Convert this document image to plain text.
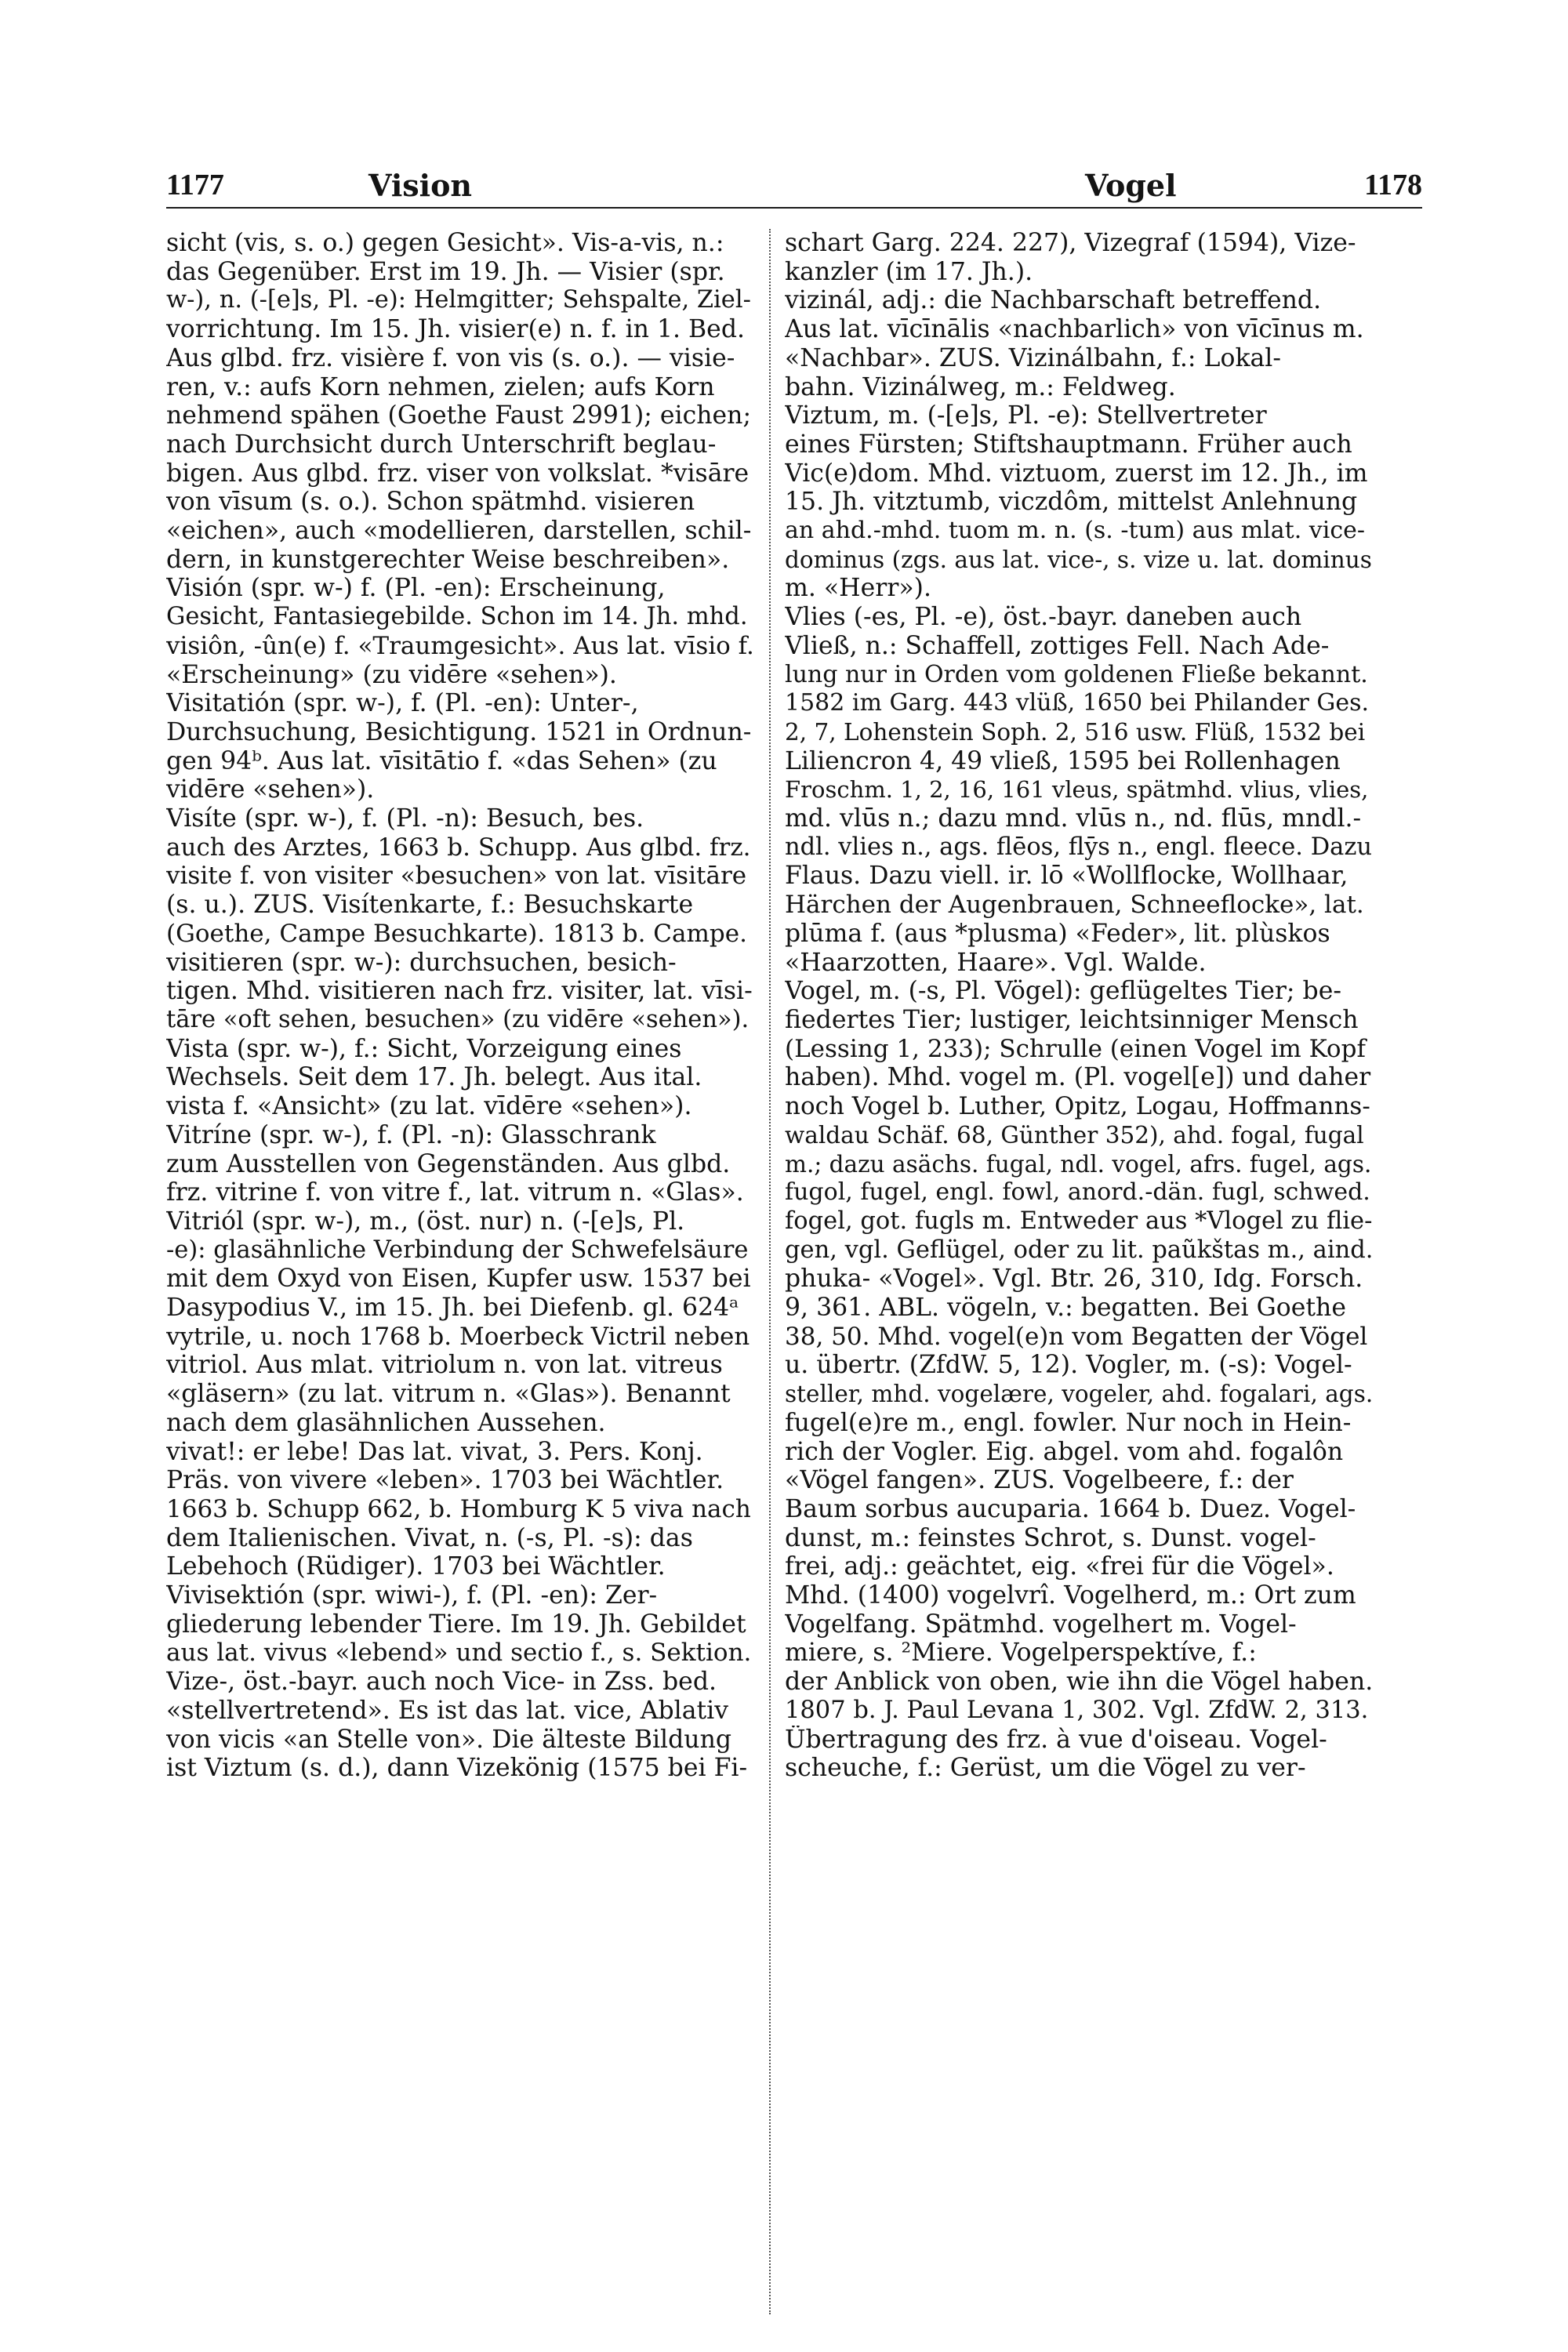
1177	Vision	Vogel	1178
sicht (vis, s. o.) gegen Gesicht». Vis-a-vis, n.:
das Gegenüber. Erst im 19. Jh. — Visier (spr.
w-), n. (-[e]s, Pl. -e): Helmgitter; Sehspalte, Ziel-
vorrichtung. Im 15. Jh. visier(e) n. f. in 1. Bed.
Aus glbd. frz. visière f. von vis (s. o.). — visie-
ren, v.: aufs Korn nehmen, zielen; aufs Korn
nehmend spähen (Goethe Faust 2991); eichen;
nach Durchsicht durch Unterschrift beglau-
bigen. Aus glbd. frz. viser von volkslat. *visāre
von vīsum (s. o.). Schon spätmhd. visieren
«eichen», auch «modellieren, darstellen, schil-
dern, in kunstgerechter Weise beschreiben».
Visión (spr. w-) f. (Pl. -en): Erscheinung,
Gesicht, Fantasiegebilde. Schon im 14. Jh. mhd.
visiôn, -ûn(e) f. «Traumgesicht». Aus lat. vīsio f.
«Erscheinung» (zu vidēre «sehen»).
Visitatión (spr. w-), f. (Pl. -en): Unter-,
Durchsuchung, Besichtigung. 1521 in Ordnun-
gen 94ᵇ. Aus lat. vīsitātio f. «das Sehen» (zu
vidēre «sehen»).
Visíte (spr. w-), f. (Pl. -n): Besuch, bes.
auch des Arztes, 1663 b. Schupp. Aus glbd. frz.
visite f. von visiter «besuchen» von lat. vīsitāre
(s. u.). ZUS. Visítenkarte, f.: Besuchskarte
(Goethe, Campe Besuchkarte). 1813 b. Campe.
visitieren (spr. w-): durchsuchen, besich-
tigen. Mhd. visitieren nach frz. visiter, lat. vīsi-
tāre «oft sehen, besuchen» (zu vidēre «sehen»).
Vista (spr. w-), f.: Sicht, Vorzeigung eines
Wechsels. Seit dem 17. Jh. belegt. Aus ital.
vista f. «Ansicht» (zu lat. vīdēre «sehen»).
Vitríne (spr. w-), f. (Pl. -n): Glasschrank
zum Ausstellen von Gegenständen. Aus glbd.
frz. vitrine f. von vitre f., lat. vitrum n. «Glas».
Vitriól (spr. w-), m., (öst. nur) n. (-[e]s, Pl.
-e): glasähnliche Verbindung der Schwefelsäure
mit dem Oxyd von Eisen, Kupfer usw. 1537 bei
Dasypodius V., im 15. Jh. bei Diefenb. gl. 624ᵃ
vytrile, u. noch 1768 b. Moerbeck Victril neben
vitriol. Aus mlat. vitriolum n. von lat. vitreus
«gläsern» (zu lat. vitrum n. «Glas»). Benannt
nach dem glasähnlichen Aussehen.
vivat!: er lebe! Das lat. vivat, 3. Pers. Konj.
Präs. von vivere «leben». 1703 bei Wächtler.
1663 b. Schupp 662, b. Homburg K 5 viva nach
dem Italienischen. Vivat, n. (-s, Pl. -s): das
Lebehoch (Rüdiger). 1703 bei Wächtler.
Vivisektión (spr. wiwi-), f. (Pl. -en): Zer-
gliederung lebender Tiere. Im 19. Jh. Gebildet
aus lat. vivus «lebend» und sectio f., s. Sektion.
Vize-, öst.-bayr. auch noch Vice- in Zss. bed.
«stellvertretend». Es ist das lat. vice, Ablativ
von vicis «an Stelle von». Die älteste Bildung
ist Viztum (s. d.), dann Vizekönig (1575 bei Fi-
schart Garg. 224. 227), Vizegraf (1594), Vize-
kanzler (im 17. Jh.).
vizinál, adj.: die Nachbarschaft betreffend.
Aus lat. vīcīnālis «nachbarlich» von vīcīnus m.
«Nachbar». ZUS. Vizinálbahn, f.: Lokal-
bahn. Vizinálweg, m.: Feldweg.
Viztum, m. (-[e]s, Pl. -e): Stellvertreter
eines Fürsten; Stiftshauptmann. Früher auch
Vic(e)dom. Mhd. viztuom, zuerst im 12. Jh., im
15. Jh. vitztumb, viczdôm, mittelst Anlehnung
an ahd.-mhd. tuom m. n. (s. -tum) aus mlat. vice-
dominus (zgs. aus lat. vice-, s. vize u. lat. dominus
m. «Herr»).
Vlies (-es, Pl. -e), öst.-bayr. daneben auch
Vließ, n.: Schaffell, zottiges Fell. Nach Ade-
lung nur in Orden vom goldenen Fließe bekannt.
1582 im Garg. 443 vlüß, 1650 bei Philander Ges.
2, 7, Lohenstein Soph. 2, 516 usw. Flüß, 1532 bei
Liliencron 4, 49 vließ, 1595 bei Rollenhagen
Froschm. 1, 2, 16, 161 vleus, spätmhd. vlius, vlies,
md. vlūs n.; dazu mnd. vlūs n., nd. flūs, mndl.-
ndl. vlies n., ags. flēos, flȳs n., engl. fleece. Dazu
Flaus. Dazu viell. ir. lō «Wollflocke, Wollhaar,
Härchen der Augenbrauen, Schneeflocke», lat.
plūma f. (aus *plusma) «Feder», lit. plùskos
«Haarzotten, Haare». Vgl. Walde.
Vogel, m. (-s, Pl. Vögel): geflügeltes Tier; be-
fiedertes Tier; lustiger, leichtsinniger Mensch
(Lessing 1, 233); Schrulle (einen Vogel im Kopf
haben). Mhd. vogel m. (Pl. vogel[e]) und daher
noch Vogel b. Luther, Opitz, Logau, Hoffmanns-
waldau Schäf. 68, Günther 352), ahd. fogal, fugal
m.; dazu asächs. fugal, ndl. vogel, afrs. fugel, ags.
fugol, fugel, engl. fowl, anord.-dän. fugl, schwed.
fogel, got. fugls m. Entweder aus *Vlogel zu flie-
gen, vgl. Geflügel, oder zu lit. paũkštas m., aind.
phuka- «Vogel». Vgl. Btr. 26, 310, Idg. Forsch.
9, 361. ABL. vögeln, v.: begatten. Bei Goethe
38, 50. Mhd. vogel(e)n vom Begatten der Vögel
u. übertr. (ZfdW. 5, 12). Vogler, m. (-s): Vogel-
steller, mhd. vogelære, vogeler, ahd. fogalari, ags.
fugel(e)re m., engl. fowler. Nur noch in Hein-
rich der Vogler. Eig. abgel. vom ahd. fogalôn
«Vögel fangen». ZUS. Vogelbeere, f.: der
Baum sorbus aucuparia. 1664 b. Duez. Vogel-
dunst, m.: feinstes Schrot, s. Dunst. vogel-
frei, adj.: geächtet, eig. «frei für die Vögel».
Mhd. (1400) vogelvrî. Vogelherd, m.: Ort zum
Vogelfang. Spätmhd. vogelhert m. Vogel-
miere, s. ²Miere. Vogelperspektíve, f.:
der Anblick von oben, wie ihn die Vögel haben.
1807 b. J. Paul Levana 1, 302. Vgl. ZfdW. 2, 313.
Übertragung des frz. à vue d'oiseau. Vogel-
scheuche, f.: Gerüst, um die Vögel zu ver-
